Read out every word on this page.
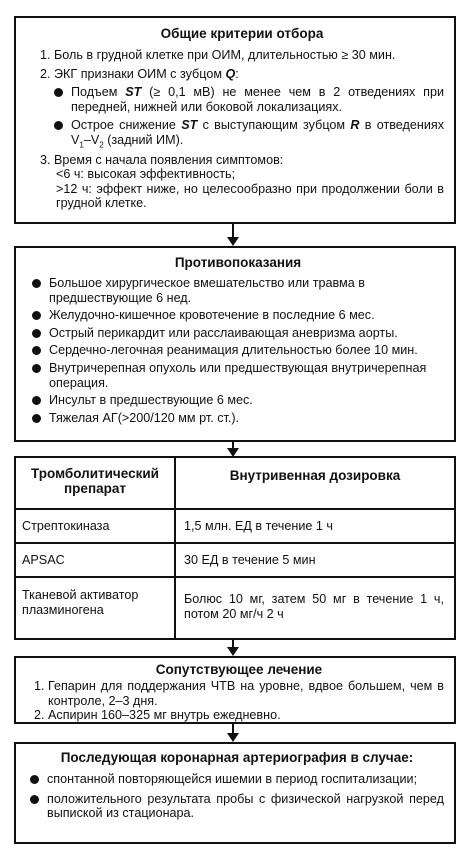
Общие критерии отбора
1. Боль в грудной клетке при ОИМ, длительностью ≥ 30 мин.
2. ЭКГ признаки ОИМ с зубцом Q:
Подъем ST (≥ 0,1 мВ) не менее чем в 2 отведениях при передней, нижней или боковой локализациях.
Острое снижение ST с выступающим зубцом R в отведениях $V_1-V_2$ (задний ИМ).
3. Время с начала появления симптомов:
<6 ч: высокая эффективность;
>12 ч: эффект ниже, но целесообразно при продолжении боли в грудной клетке.
Противопоказания
Большое хирургическое вмешательство или травма в предшествующие 6 нед.
Желудочно-кишечное кровотечение в последние 6 мес.
Острый перикардит или расслаивающая аневризма аорты.
Сердечно-легочная реанимация длительностью более 10 мин.
Внутричерепная опухоль или предшествующая внутричерепная операция.
Инсульт в предшествующие 6 мес.
Тяжелая АГ(>200/120 мм рт. ст.).
Тромболитический препарат	Внутривенная дозировка
Стрептокиназа	1,5 млн. ЕД в течение 1 ч
APSAC	30 ЕД в течение 5 мин
Тканевой активатор плазминогена	Болюс 10 мг, затем 50 мг в течение 1 ч, потом 20 мг/ч 2 ч
Сопутствующее лечение
1. Гепарин для поддержания ЧТВ на уровне, вдвое большем, чем в контроле, 2–3 дня.
2. Аспирин 160–325 мг внутрь ежедневно.
Последующая коронарная артериография в случае:
спонтанной повторяющейся ишемии в период госпитализации;
положительного результата пробы с физической нагрузкой перед выпиской из стационара.
